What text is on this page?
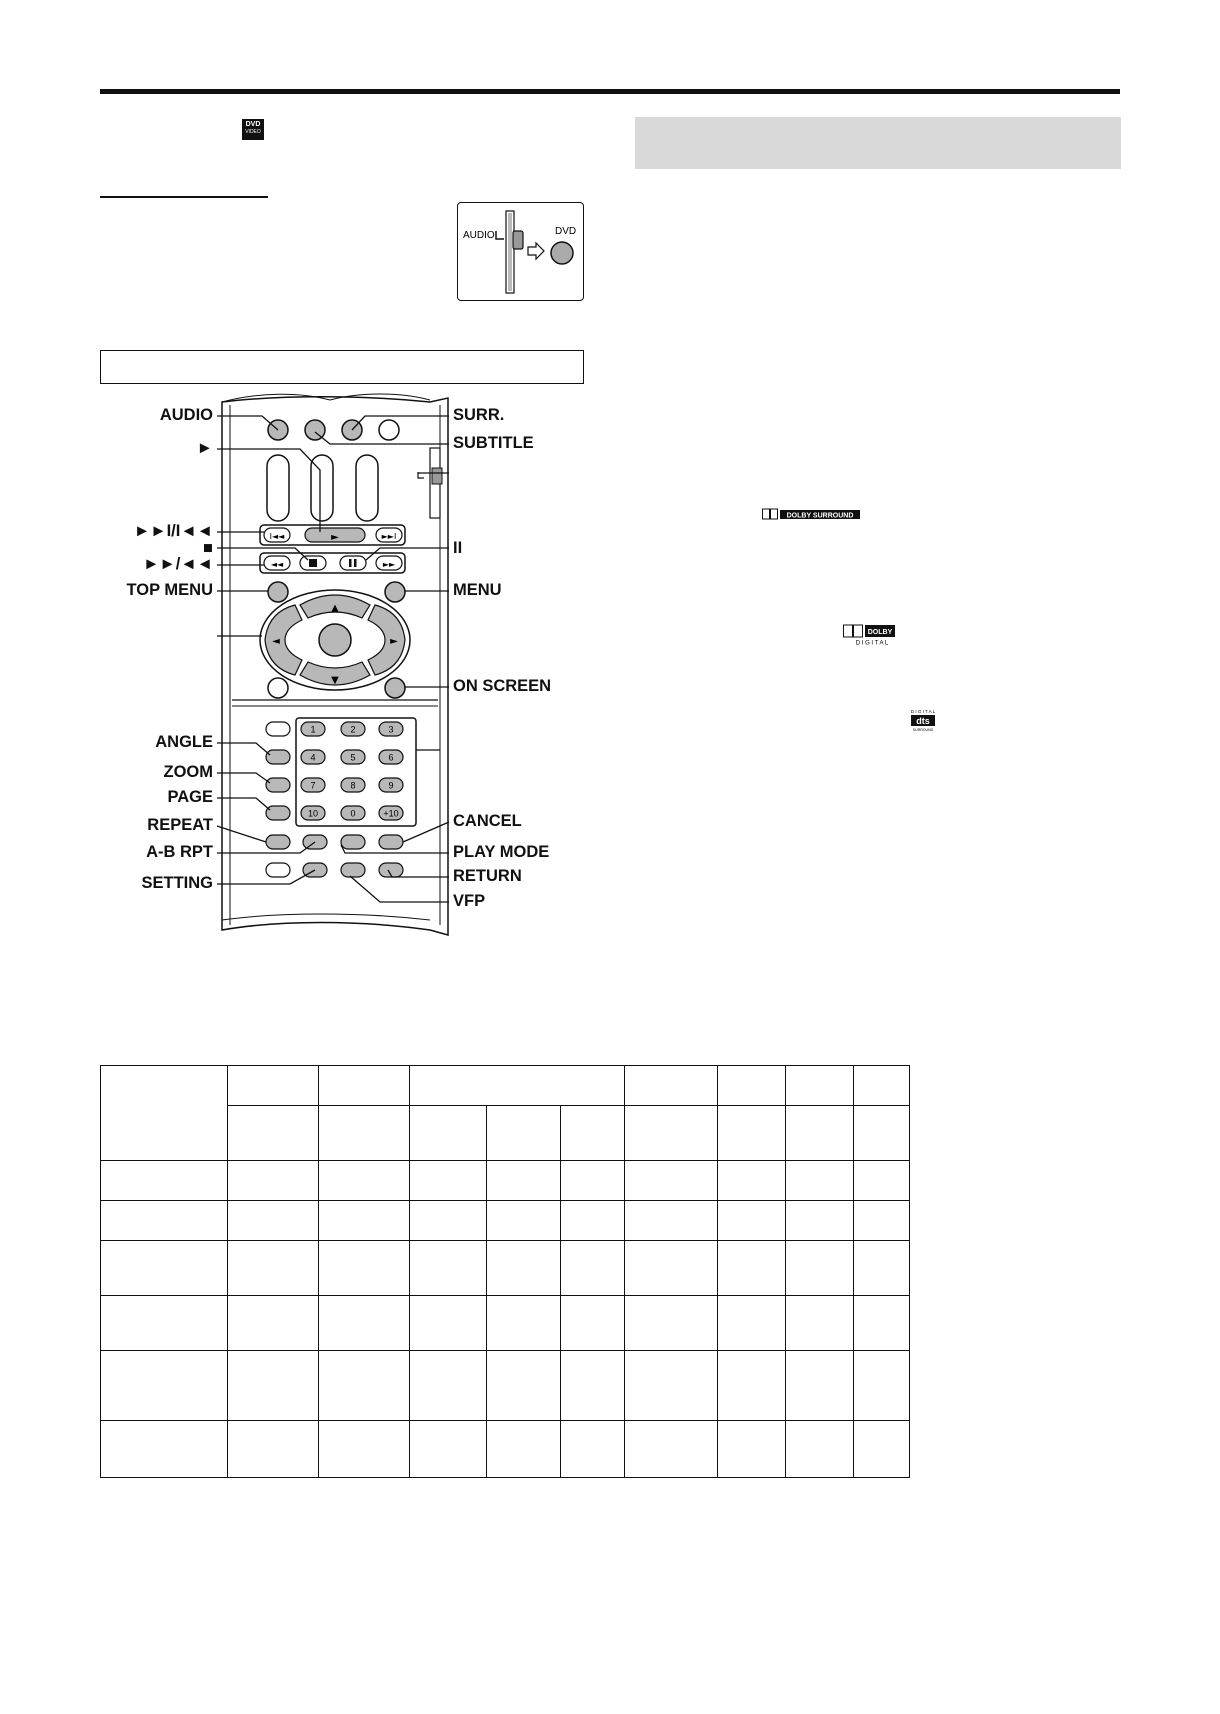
DVD
VIDEO
AUDIO	DVD
I◄◄	►	►►I
◄◄	►►
▲
▼
◄	►
1	2	3
4	5	6
7	8	9
10	0	+10
AUDIO
►
►►I/I◄◄
■
►►/◄◄
TOP MENU
ANGLE
ZOOM
PAGE
REPEAT
A-B RPT
SETTING
SURR.
SUBTITLE
II
MENU
ON SCREEN
CANCEL
PLAY MODE
RETURN
VFP
DOLBY SURROUND
DOLBY
D I G I T A L
D I G I T A L
dts
SURROUND
